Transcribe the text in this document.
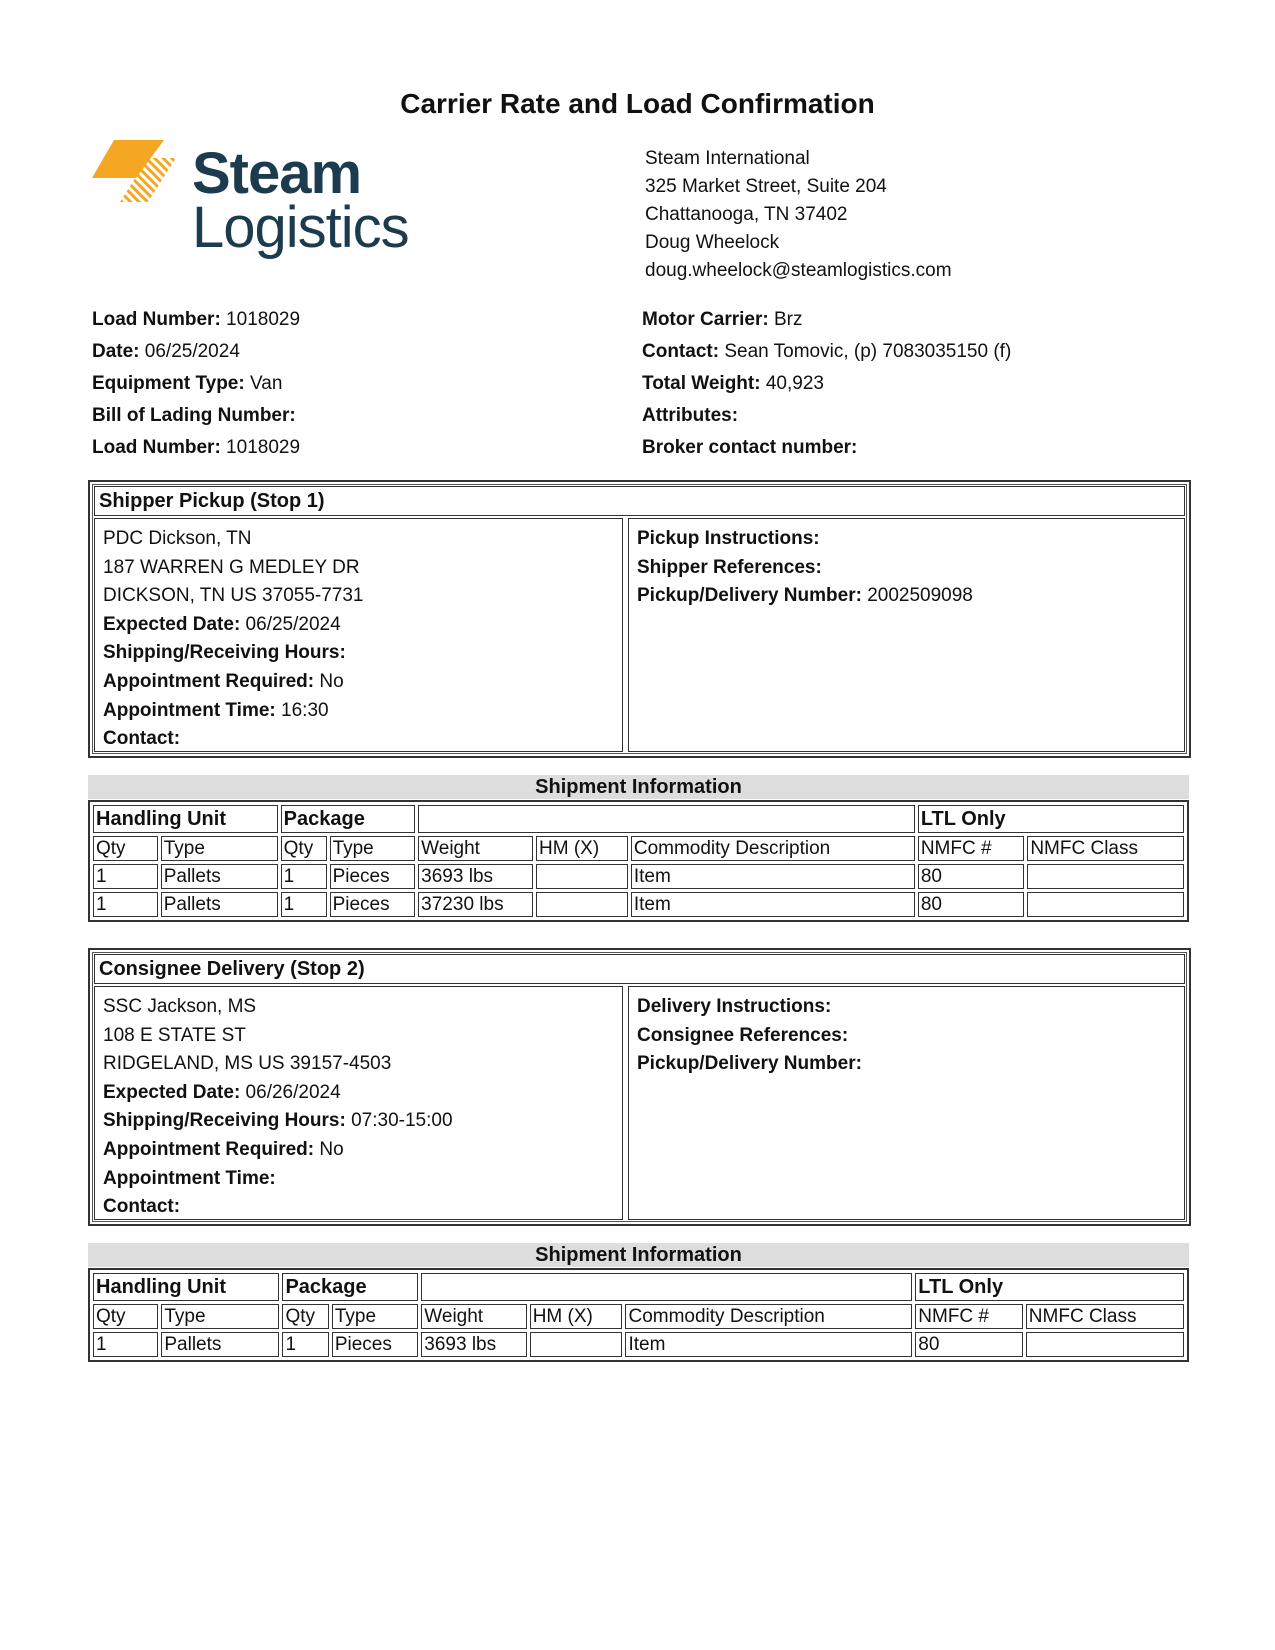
Carrier Rate and Load Confirmation
Steam
Logistics
Steam International
325 Market Street, Suite 204
Chattanooga, TN 37402
Doug Wheelock
doug.wheelock@steamlogistics.com
Load Number: 1018029
Date: 06/25/2024
Equipment Type: Van
Bill of Lading Number:
Load Number: 1018029
Motor Carrier: Brz
Contact: Sean Tomovic, (p) 7083035150 (f)
Total Weight: 40,923
Attributes:
Broker contact number:
Shipper Pickup (Stop 1)
PDC Dickson, TN
187 WARREN G MEDLEY DR
DICKSON, TN US 37055-7731
Expected Date: 06/25/2024
Shipping/Receiving Hours:
Appointment Required: No
Appointment Time: 16:30
Contact:
Pickup Instructions:
Shipper References:
Pickup/Delivery Number: 2002509098
Shipment Information
Handling Unit		Package					LTL Only	
Qty	Type	Qty	Type	Weight	HM (X)	Commodity Description	NMFC #	NMFC Class
1	Pallets	1	Pieces	3693 lbs		Item	80	
1	Pallets	1	Pieces	37230 lbs		Item	80	
Consignee Delivery (Stop 2)
SSC Jackson, MS
108 E STATE ST
RIDGELAND, MS US 39157-4503
Expected Date: 06/26/2024
Shipping/Receiving Hours: 07:30-15:00
Appointment Required: No
Appointment Time:
Contact:
Delivery Instructions:
Consignee References:
Pickup/Delivery Number:
Shipment Information
Handling Unit		Package					LTL Only	
Qty	Type	Qty	Type	Weight	HM (X)	Commodity Description	NMFC #	NMFC Class
1	Pallets	1	Pieces	3693 lbs		Item	80	
